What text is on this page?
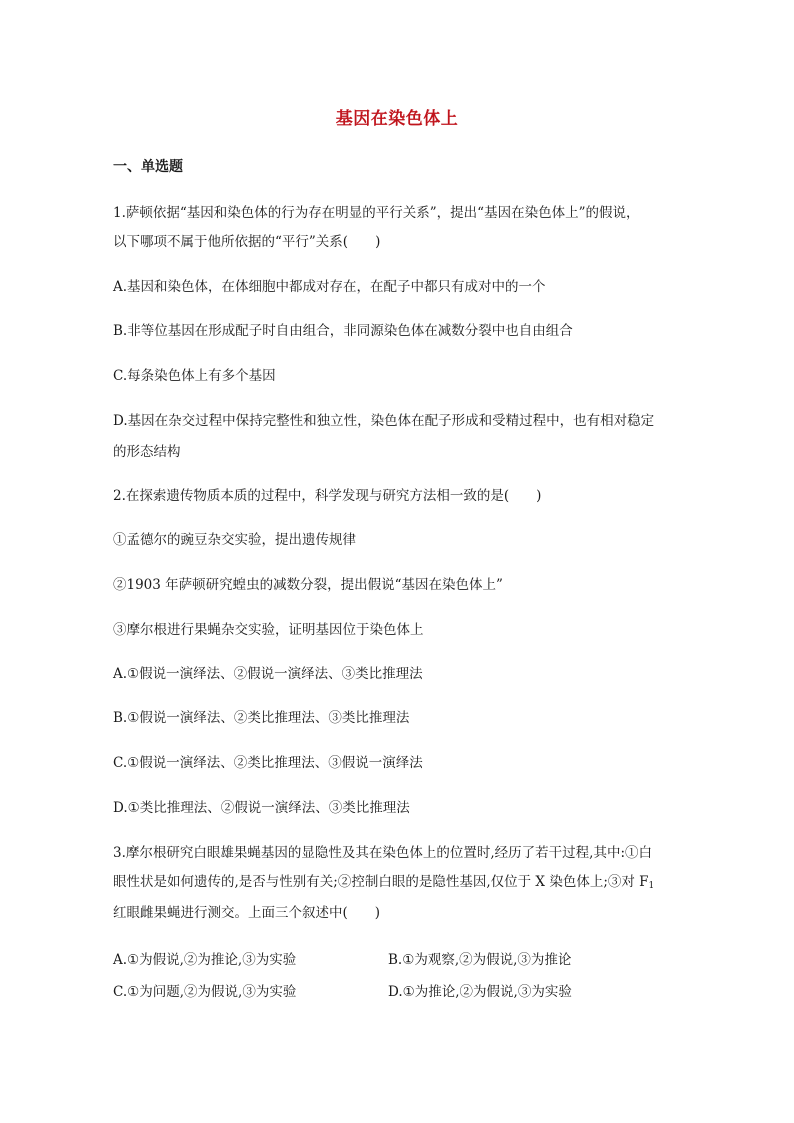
基因在染色体上
一、单选题
1.萨顿依据“基因和染色体的行为存在明显的平行关系”，提出“基因在染色体上”的假说，
以下哪项不属于他所依据的“平行”关系(　　)
A.基因和染色体，在体细胞中都成对存在，在配子中都只有成对中的一个
B.非等位基因在形成配子时自由组合，非同源染色体在减数分裂中也自由组合
C.每条染色体上有多个基因
D.基因在杂交过程中保持完整性和独立性，染色体在配子形成和受精过程中，也有相对稳定
的形态结构
2.在探索遗传物质本质的过程中，科学发现与研究方法相一致的是(　　)
①孟德尔的豌豆杂交实验，提出遗传规律
②1903 年萨顿研究蝗虫的减数分裂，提出假说“基因在染色体上”
③摩尔根进行果蝇杂交实验，证明基因位于染色体上
A.①假说一演绎法、②假说一演绎法、③类比推理法
B.①假说一演绎法、②类比推理法、③类比推理法
C.①假说一演绎法、②类比推理法、③假说一演绎法
D.①类比推理法、②假说一演绎法、③类比推理法
3.摩尔根研究白眼雄果蝇基因的显隐性及其在染色体上的位置时,经历了若干过程,其中:①白
眼性状是如何遗传的,是否与性别有关;②控制白眼的是隐性基因,仅位于 X 染色体上;③对 $F_1$
红眼雌果蝇进行测交。上面三个叙述中(　　)
A.①为假说,②为推论,③为实验	B.①为观察,②为假说,③为推论
C.①为问题,②为假说,③为实验	D.①为推论,②为假说,③为实验
